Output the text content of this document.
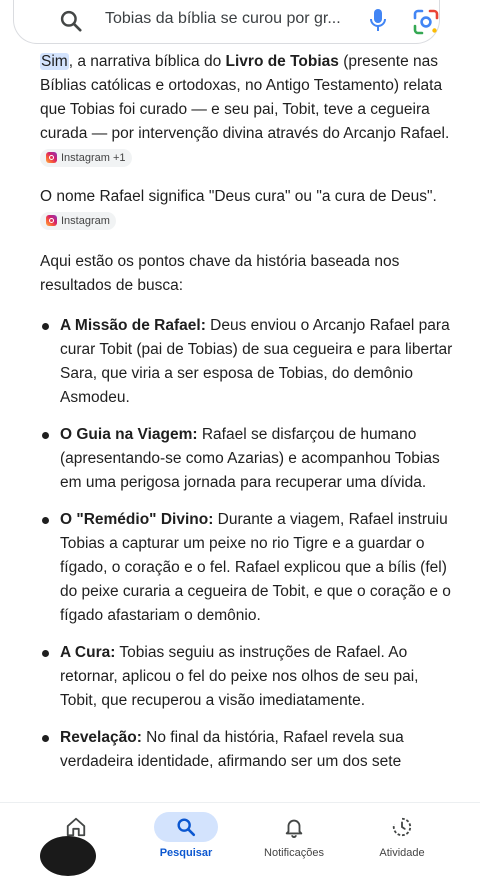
Tobias da bíblia se curou por gr...

Sim, a narrativa bíblica do Livro de Tobias (presente nas Bíblias católicas e ortodoxas, no Antigo Testamento) relata que Tobias foi curado — e seu pai, Tobit, teve a cegueira curada — por intervenção divina através do Arcanjo Rafael.
Instagram +1

O nome Rafael significa "Deus cura" ou "a cura de Deus".
Instagram

Aqui estão os pontos chave da história baseada nos resultados de busca:

A Missão de Rafael: Deus enviou o Arcanjo Rafael para curar Tobit (pai de Tobias) de sua cegueira e para libertar Sara, que viria a ser esposa de Tobias, do demônio Asmodeu.
O Guia na Viagem: Rafael se disfarçou de humano (apresentando-se como Azarias) e acompanhou Tobias em uma perigosa jornada para recuperar uma dívida.
O "Remédio" Divino: Durante a viagem, Rafael instruiu Tobias a capturar um peixe no rio Tigre e a guardar o fígado, o coração e o fel. Rafael explicou que a bílis (fel) do peixe curaria a cegueira de Tobit, e que o coração e o fígado afastariam o demônio.
A Cura: Tobias seguiu as instruções de Rafael. Ao retornar, aplicou o fel do peixe nos olhos de seu pai, Tobit, que recuperou a visão imediatamente.
Revelação: No final da história, Rafael revela sua verdadeira identidade, afirmando ser um dos sete
Pesquisar	Notificações	Atividade
